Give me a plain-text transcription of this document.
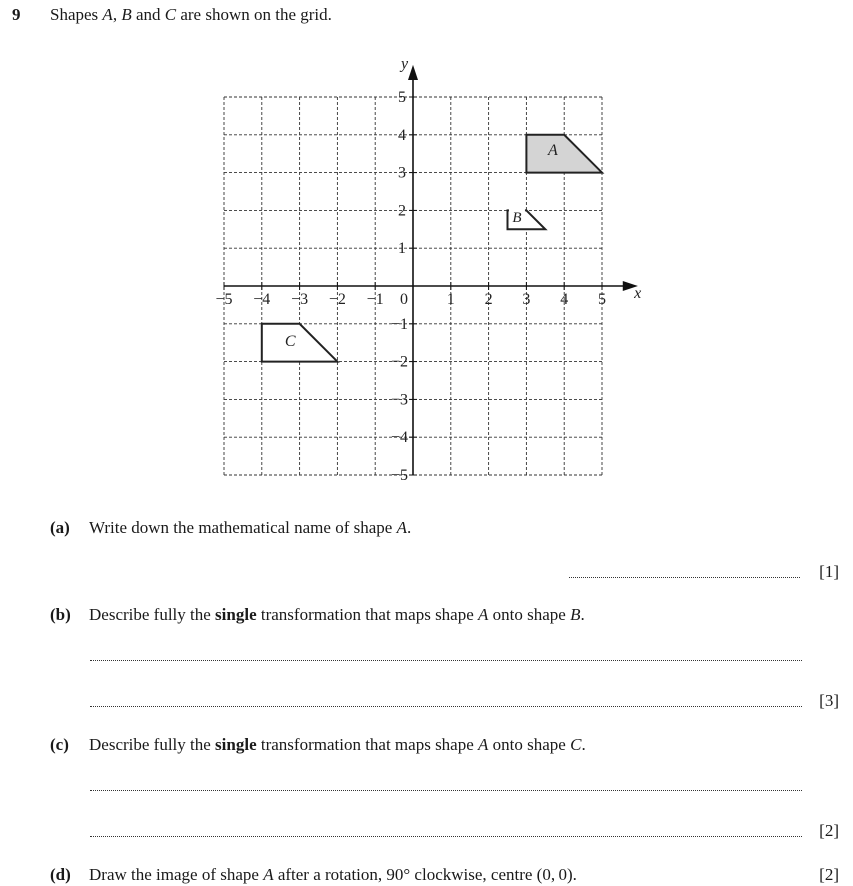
9 Shapes A, B and C are shown on the grid.
A
B
C
x
y
−5 −4 −3 −2 −1 0 1 2 3 4 5
5
4
3
2
1
−1
−2
−3
−4
−5
(a) Write down the mathematical name of shape A.
[1]
(b) Describe fully the single transformation that maps shape A onto shape B.
[3]
(c) Describe fully the single transformation that maps shape A onto shape C.
[2]
(d) Draw the image of shape A after a rotation, 90° clockwise, centre (0, 0).	[2]
